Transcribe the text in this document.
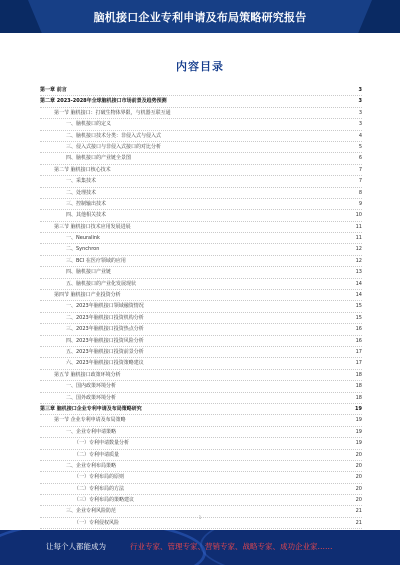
脑机接口企业专利申请及布局策略研究报告
内容目录
第一章 前言	3
第二章 2023-2028年全球脑机接口市场前景及趋势预测	3
第一节 脑机接口：打破生物体界限，与机器互联互通	3
一、脑机接口的定义	3
二、脑机接口技术分类：非侵入式与侵入式	4
三、侵入式接口与非侵入式接口的对比分析	5
四、脑机接口的产业链全景图	6
第二节 脑机接口核心技术	7
一、采集技术	7
二、处理技术	8
三、控制输出技术	9
四、其他相关技术	10
第三节 脑机接口技术应用发展进展	11
一、Neuralink	11
二、Synchron	12
三、BCI 在医疗领域的应用	12
四、脑机接口产业链	13
五、脑机接口的产业化发展现状	14
第四节 脑机接口产业投资分析	14
一、2023年脑机接口领域融资情况	15
二、2023年脑机接口投资机构分析	15
三、2023年脑机接口投资热点分析	16
四、2023年脑机接口投资风险分析	16
五、2023年脑机接口投资前景分析	17
六、2023年脑机接口投资策略建议	17
第五节 脑机接口政策环境分析	18
一、国内政策环境分析	18
二、国外政策环境分析	18
第三章 脑机接口企业专利申请及布局策略研究	19
第一节 企业专利申请及布局策略	19
一、企业专利申请策略	19
（一）专利申请数量分析	19
（二）专利申请质量	20
二、企业专利布局策略	20
（一）专利布局的原则	20
（二）专利布局的方法	20
（三）专利布局的策略建议	20
三、企业专利风险防范	21
（一）专利侵权风险	21
1
让每个人都能成为	行业专家、管理专家、营销专家、战略专家、成功企业家……
